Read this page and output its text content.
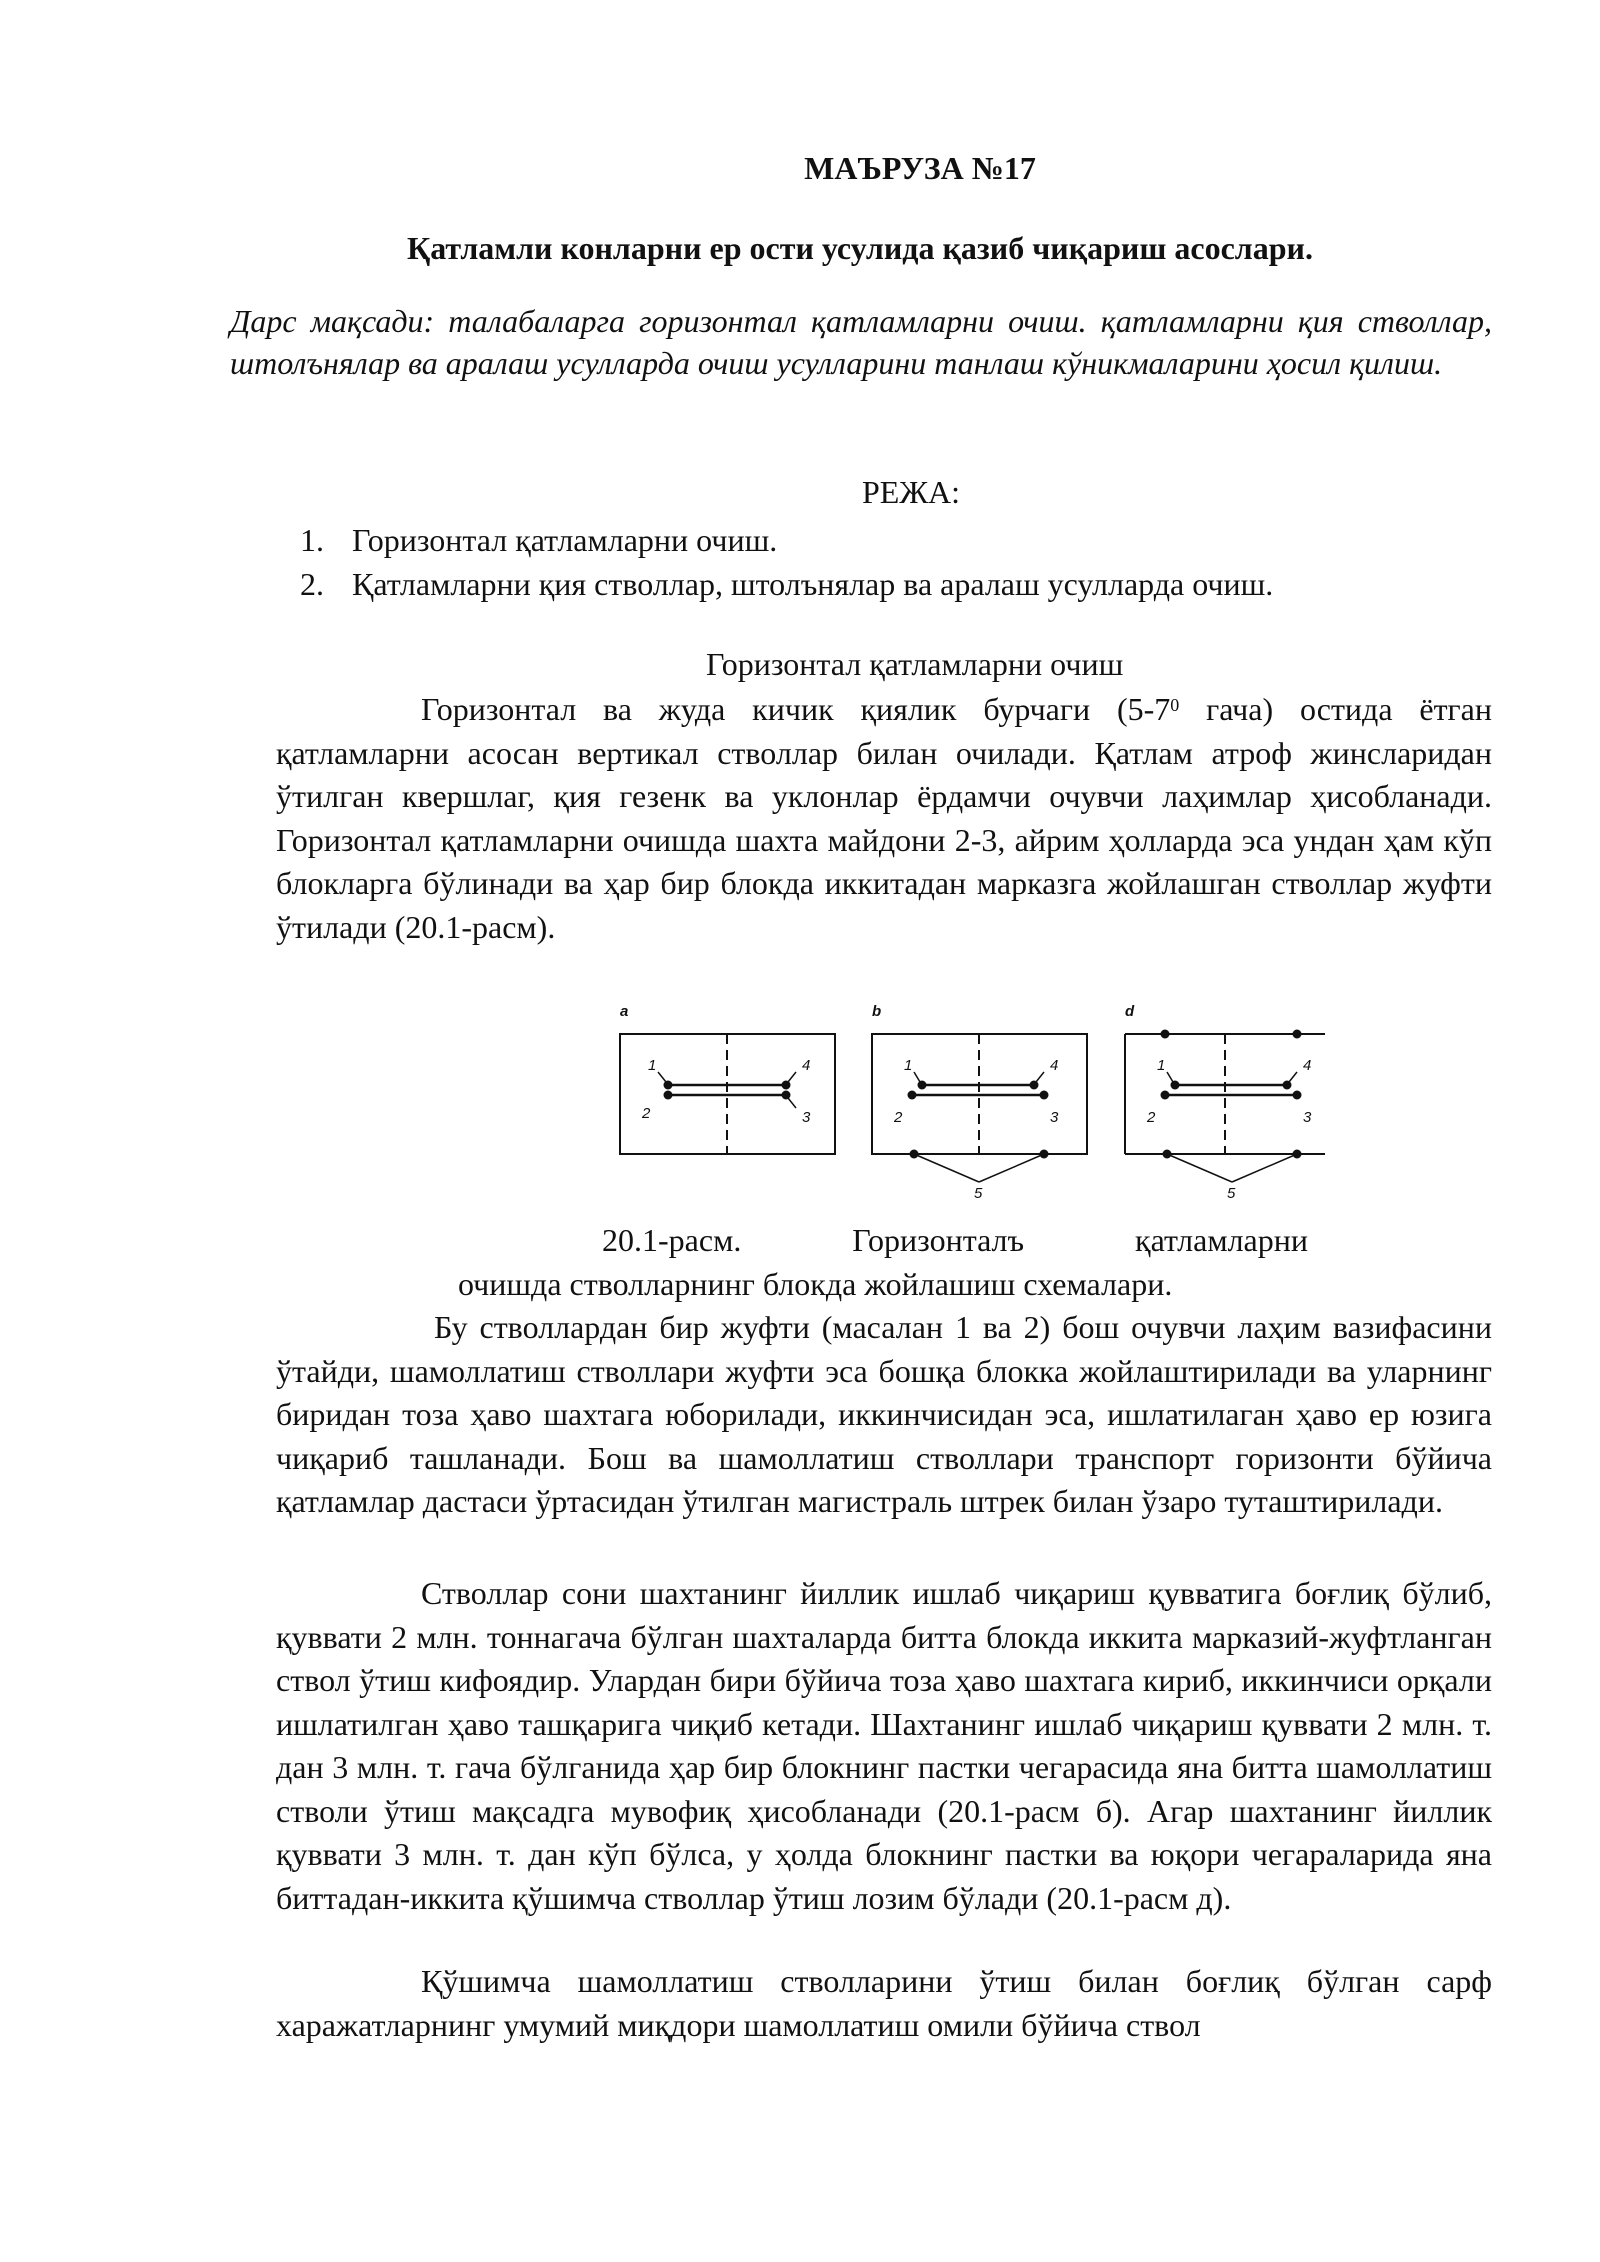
МАЪРУЗА №17
Қатламли конларни ер ости усулида қазиб чиқариш асослари.
Дарс мақсади: талабаларга горизонтал қатламларни очиш. қатламларни қия стволлар, штолънялар ва аралаш усулларда очиш усулларини танлаш кўникмаларини ҳосил қилиш.
РЕЖА:
1. Горизонтал қатламларни очиш.
2. Қатламларни қия стволлар, штолънялар ва аралаш усулларда очиш.
Горизонтал қатламларни очиш
Горизонтал ва жуда кичик қиялик бурчаги ($5-7^0$ гача) остида ётган қатламларни асосан вертикал стволлар билан очилади. Қатлам атроф жинсларидан ўтилган квершлаг, қия гезенк ва уклонлар ёрдамчи очувчи лаҳимлар ҳисобланади. Горизонтал қатламларни очишда шахта майдони 2-3, айрим ҳолларда эса ундан ҳам кўп блокларга бўлинади ва ҳар бир блокда иккитадан марказга жойлашган стволлар жуфти ўтилади (20.1-расм).
a
1
2	3
4
b
1
2	3
4
5
d
1
2	3
4
5
20.1-расм.	Горизонталъ	қатламларни
очишда стволларнинг блокда жойлашиш схемалари.
Бу стволлардан бир жуфти (масалан 1 ва 2) бош очувчи лаҳим вазифасини ўтайди, шамоллатиш стволлари жуфти эса бошқа блокка жойлаштирилади ва уларнинг биридан тоза ҳаво шахтага юборилади, иккинчисидан эса, ишлатилаган ҳаво ер юзига чиқариб ташланади. Бош ва шамоллатиш стволлари транспорт горизонти бўйича қатламлар дастаси ўртасидан ўтилган магистраль штрек билан ўзаро туташтирилади.
Стволлар сони шахтанинг йиллик ишлаб чиқариш қувватига боғлиқ бўлиб, қуввати 2 млн. тоннагача бўлган шахталарда битта блокда иккита марказий-жуфтланган ствол ўтиш кифоядир. Улардан бири бўйича тоза ҳаво шахтага кириб, иккинчиси орқали ишлатилган ҳаво ташқарига чиқиб кетади. Шахтанинг ишлаб чиқариш қуввати 2 млн. т. дан 3 млн. т. гача бўлганида ҳар бир блокнинг пастки чегарасида яна битта шамоллатиш стволи ўтиш мақсадга мувофиқ ҳисобланади (20.1-расм б). Агар шахтанинг йиллик қуввати 3 млн. т. дан кўп бўлса, у ҳолда блокнинг пастки ва юқори чегараларида яна биттадан-иккита қўшимча стволлар ўтиш лозим бўлади (20.1-расм д).
Қўшимча шамоллатиш стволларини ўтиш билан боғлиқ бўлган сарф харажатларнинг умумий миқдори шамоллатиш омили бўйича ствол
